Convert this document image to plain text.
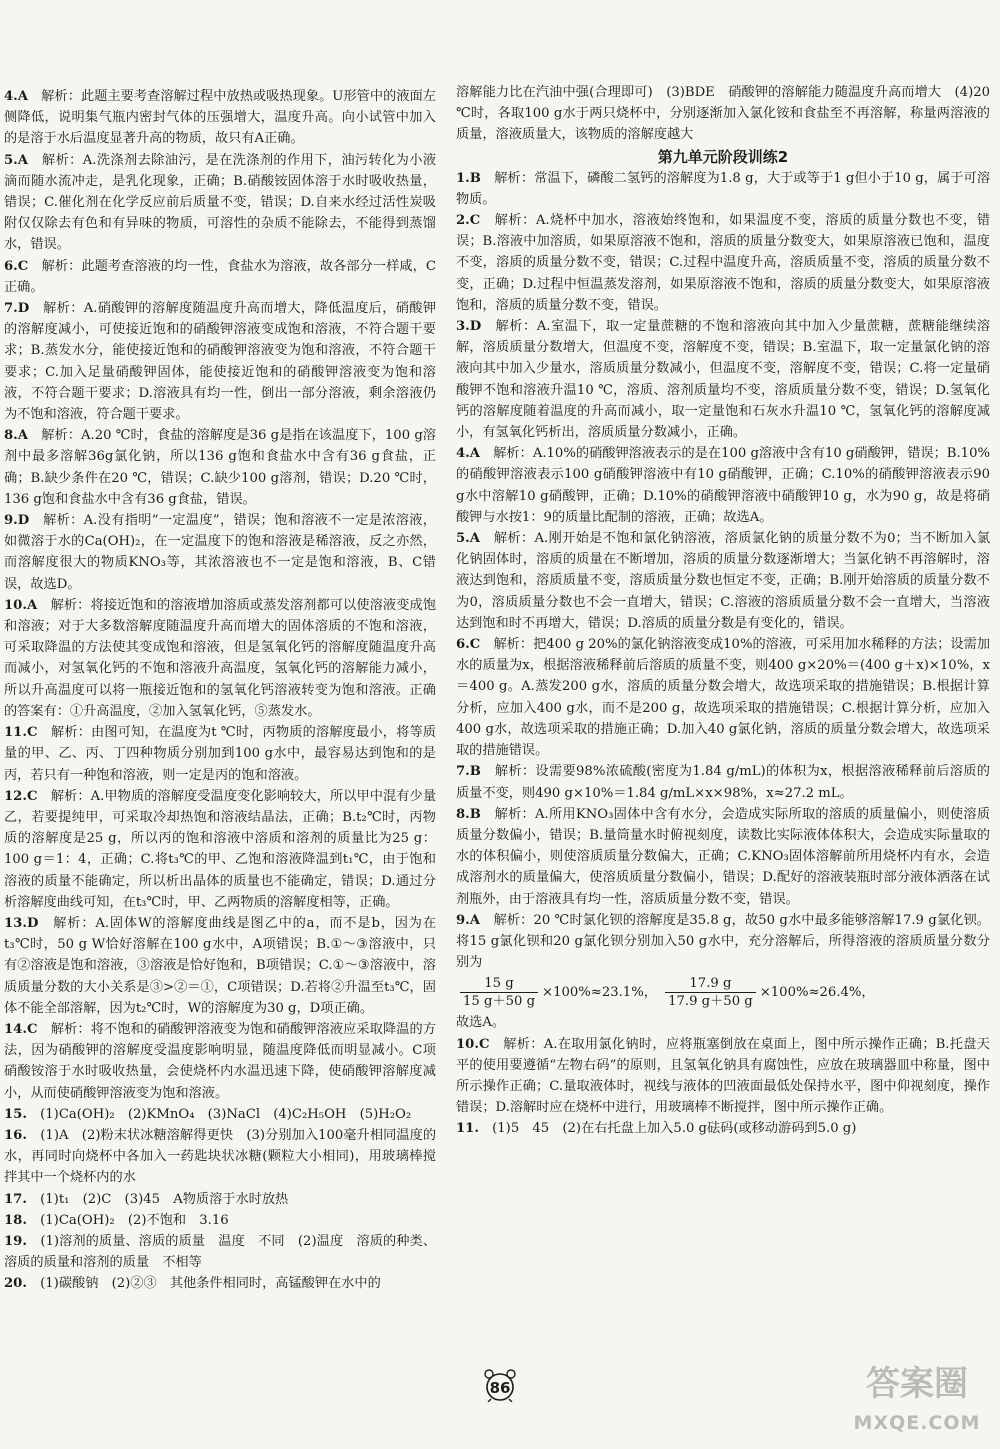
4.A　 解析：此题主要考查溶解过程中放热或吸热现象。U形管中的液面左侧降低，说明集气瓶内密封气体的压强增大，温度升高。向小试管中加入的是溶于水后温度显著升高的物质，故只有A正确。

5.A　 解析：A.洗涤剂去除油污，是在洗涤剂的作用下，油污转化为小液滴而随水流冲走，是乳化现象，正确；B.硝酸铵固体溶于水时吸收热量，错误；C.催化剂在化学反应前后质量不变，错误；D.自来水经过活性炭吸附仅仅除去有色和有异味的物质，可溶性的杂质不能除去，不能得到蒸馏水，错误。

6.C　 解析：此题考查溶液的均一性，食盐水为溶液，故各部分一样咸，C正确。

7.D　 解析：A.硝酸钾的溶解度随温度升高而增大，降低温度后，硝酸钾的溶解度减小，可使接近饱和的硝酸钾溶液变成饱和溶液，不符合题干要求；B.蒸发水分，能使接近饱和的硝酸钾溶液变为饱和溶液，不符合题干要求；C.加入足量硝酸钾固体，能使接近饱和的硝酸钾溶液变为饱和溶液，不符合题干要求；D.溶液具有均一性，倒出一部分溶液，剩余溶液仍为不饱和溶液，符合题干要求。

8.A　 解析：A.20 ℃时，食盐的溶解度是36 g是指在该温度下，100 g溶剂中最多溶解36g氯化钠，所以136 g饱和食盐水中含有36 g食盐，正确；B.缺少条件在20 ℃，错误；C.缺少100 g溶剂，错误；D.20 ℃时，136 g饱和食盐水中含有36 g食盐，错误。

9.D　 解析：A.没有指明“一定温度”，错误；饱和溶液不一定是浓溶液，如微溶于水的Ca(OH)₂，在一定温度下的饱和溶液是稀溶液，反之亦然，而溶解度很大的物质KNO₃等，其浓溶液也不一定是饱和溶液，B、C错误，故选D。

10.A　 解析：将接近饱和的溶液增加溶质或蒸发溶剂都可以使溶液变成饱和溶液；对于大多数溶解度随温度升高而增大的固体溶质的不饱和溶液，可采取降温的方法使其变成饱和溶液，但是氢氧化钙的溶解度随温度升高而减小，对氢氧化钙的不饱和溶液升高温度，氢氧化钙的溶解能力减小，所以升高温度可以将一瓶接近饱和的氢氧化钙溶液转变为饱和溶液。正确的答案有：①升高温度，②加入氢氧化钙，⑤蒸发水。

11.C　 解析：由图可知，在温度为t ℃时，丙物质的溶解度最小，将等质量的甲、乙、丙、丁四种物质分别加到100 g水中，最容易达到饱和的是丙，若只有一种饱和溶液，则一定是丙的饱和溶液。

12.C　 解析：A.甲物质的溶解度受温度变化影响较大，所以甲中混有少量乙，若要提纯甲，可采取冷却热饱和溶液结晶法，正确；B.t₂℃时，丙物质的溶解度是25 g，所以丙的饱和溶液中溶质和溶剂的质量比为25 g：100 g＝1：4，正确；C.将t₃℃的甲、乙饱和溶液降温到t₁℃，由于饱和溶液的质量不能确定，所以析出晶体的质量也不能确定，错误；D.通过分析溶解度曲线可知，在t₃℃时，甲、乙两物质的溶解度相等，正确。

13.D　 解析：A.固体W的溶解度曲线是图乙中的a，而不是b，因为在t₃℃时，50 g W恰好溶解在100 g水中，A项错误；B.①～③溶液中，只有②溶液是饱和溶液，③溶液是恰好饱和，B项错误；C.①～③溶液中，溶质质量分数的大小关系是③>②＝①，C项错误；D.若将②升温至t₃℃，固体不能全部溶解，因为t₂℃时，W的溶解度为30 g，D项正确。

14.C　 解析：将不饱和的硝酸钾溶液变为饱和硝酸钾溶液应采取降温的方法，因为硝酸钾的溶解度受温度影响明显，随温度降低而明显减小。C项硝酸铵溶于水时吸收热量，会使烧杯内水温迅速下降，使硝酸钾溶解度减小，从而使硝酸钾溶液变为饱和溶液。

15.　 (1)Ca(OH)₂　(2)KMnO₄　(3)NaCl　(4)C₂H₅OH　(5)H₂O₂

16.　 (1)A　(2)粉末状冰糖溶解得更快　(3)分别加入100毫升相同温度的水，再同时向烧杯中各加入一药匙块状冰糖(颗粒大小相同)，用玻璃棒搅拌其中一个烧杯内的水

17.　 (1)t₁　(2)C　(3)45　A物质溶于水时放热

18.　 (1)Ca(OH)₂　(2)不饱和　3.16

19.　 (1)溶剂的质量、溶质的质量　温度　不同　(2)温度　溶质的种类、溶质的质量和溶剂的质量　不相等

20.　 (1)碳酸钠　(2)②③　其他条件相同时，高锰酸钾在水中的

溶解能力比在汽油中强(合理即可)　(3)BDE　硝酸钾的溶解能力随温度升高而增大　(4)20 ℃时，各取100 g水于两只烧杯中，分别逐渐加入氯化铵和食盐至不再溶解，称量两溶液的质量，溶液质量大，该物质的溶解度越大

第九单元阶段训练2

1.B　 解析：常温下，磷酸二氢钙的溶解度为1.8 g，大于或等于1 g但小于10 g，属于可溶物质。

2.C　 解析：A.烧杯中加水，溶液始终饱和，如果温度不变，溶质的质量分数也不变，错误；B.溶液中加溶质，如果原溶液不饱和，溶质的质量分数变大，如果原溶液已饱和，温度不变，溶质的质量分数不变，错误；C.过程中温度升高，溶质质量不变，溶质的质量分数不变，正确；D.过程中恒温蒸发溶剂，如果原溶液不饱和，溶质的质量分数变大，如果原溶液饱和，溶质的质量分数不变，错误。

3.D　 解析：A.室温下，取一定量蔗糖的不饱和溶液向其中加入少量蔗糖，蔗糖能继续溶解，溶质质量分数增大，但温度不变，溶解度不变，错误；B.室温下，取一定量氯化钠的溶液向其中加入少量水，溶质质量分数减小，但温度不变，溶解度不变，错误；C.将一定量硝酸钾不饱和溶液升温10 ℃，溶质、溶剂质量均不变，溶质质量分数不变，错误；D.氢氧化钙的溶解度随着温度的升高而减小，取一定量饱和石灰水升温10 ℃，氢氧化钙的溶解度减小，有氢氧化钙析出，溶质质量分数减小，正确。

4.A　 解析：A.10%的硝酸钾溶液表示的是在100 g溶液中含有10 g硝酸钾，错误；B.10%的硝酸钾溶液表示100 g硝酸钾溶液中有10 g硝酸钾，正确；C.10%的硝酸钾溶液表示90 g水中溶解10 g硝酸钾，正确；D.10%的硝酸钾溶液中硝酸钾10 g，水为90 g，故是将硝酸钾与水按1：9的质量比配制的溶液，正确；故选A。

5.A　 解析：A.刚开始是不饱和氯化钠溶液，溶质氯化钠的质量分数不为0；当不断加入氯化钠固体时，溶质的质量在不断增加，溶质的质量分数逐渐增大；当氯化钠不再溶解时，溶液达到饱和，溶质质量不变，溶质质量分数也恒定不变，正确；B.刚开始溶质的质量分数不为0，溶质质量分数也不会一直增大，错误；C.溶液的溶质质量分数不会一直增大，当溶液达到饱和时不再增大，错误；D.溶质的质量分数是有变化的，错误。

6.C　 解析：把400 g 20%的氯化钠溶液变成10%的溶液，可采用加水稀释的方法；设需加水的质量为x，根据溶液稀释前后溶质的质量不变，则400 g×20%＝(400 g＋x)×10%，x＝400 g。A.蒸发200 g水，溶质的质量分数会增大，故选项采取的措施错误；B.根据计算分析，应加入400 g水，而不是200 g，故选项采取的措施错误；C.根据计算分析，应加入400 g水，故选项采取的措施正确；D.加入40 g氯化钠，溶质的质量分数会增大，故选项采取的措施错误。

7.B　 解析：设需要98%浓硫酸(密度为1.84 g/mL)的体积为x，根据溶液稀释前后溶质的质量不变，则490 g×10%＝1.84 g/mL×x×98%，x≈27.2 mL。

8.B　 解析：A.所用KNO₃固体中含有水分，会造成实际所取的溶质的质量偏小，则使溶质质量分数偏小，错误；B.量筒量水时俯视刻度，读数比实际液体体积大，会造成实际量取的水的体积偏小，则使溶质质量分数偏大，正确；C.KNO₃固体溶解前所用烧杯内有水，会造成溶剂水的质量偏大，使溶质质量分数偏小，错误；D.配好的溶液装瓶时部分液体洒落在试剂瓶外，由于溶液具有均一性，溶质质量分数不变，错误。

9.A　 解析：20 ℃时氯化钡的溶解度是35.8 g，故50 g水中最多能够溶解17.9 g氯化钡。将15 g氯化钡和20 g氯化钡分别加入50 g水中，充分溶解后，所得溶液的溶质质量分数分别为

$\frac{15 g}{15 g+50 g} \times 100\%\approx 23.1\%$， $\frac{17.9 g}{17.9 g+50 g} \times 100\%\approx 26.4\%$，

故选A。

10.C　 解析：A.在取用氯化钠时，应将瓶塞倒放在桌面上，图中所示操作正确；B.托盘天平的使用要遵循“左物右码”的原则，且氢氧化钠具有腐蚀性，应放在玻璃器皿中称量，图中所示操作正确；C.量取液体时，视线与液体的凹液面最低处保持水平，图中仰视刻度，操作错误；D.溶解时应在烧杯中进行，用玻璃棒不断搅拌，图中所示操作正确。

11.　 (1)5　45　(2)在右托盘上加入5.0 g砝码(或移动游码到5.0 g)

86	答案圈
MXQE.COM
